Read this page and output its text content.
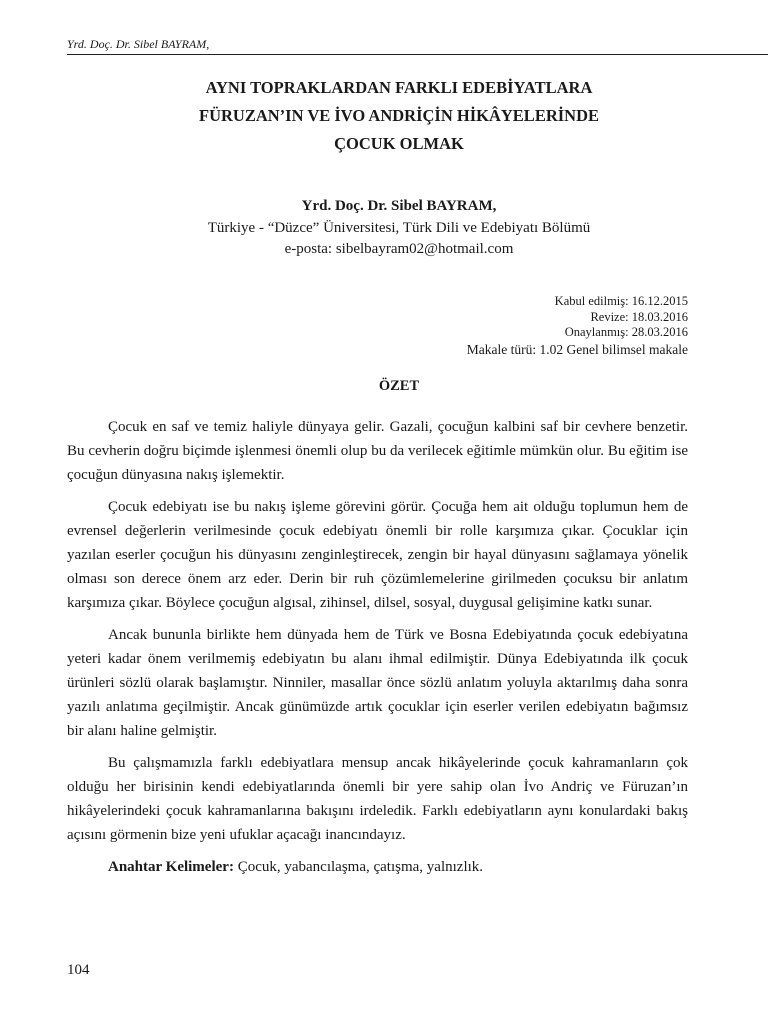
Yrd. Doç. Dr. Sibel BAYRAM,
AYNI TOPRAKLARDAN FARKLI EDEBİYATLARA
FÜRUZAN’IN VE İVO ANDRİÇİN HİKÂYELERİNDE
ÇOCUK OLMAK
Yrd. Doç. Dr. Sibel BAYRAM,
Türkiye - “Düzce” Üniversitesi, Türk Dili ve Edebiyatı Bölümü
e-posta: sibelbayram02@hotmail.com
Kabul edilmiş: 16.12.2015
Revize: 18.03.2016
Onaylanmış: 28.03.2016
Makale türü: 1.02 Genel bilimsel makale
ÖZET

Çocuk en saf ve temiz haliyle dünyaya gelir. Gazali, çocuğun kalbini saf bir cevhere benzetir. Bu cevherin doğru biçimde işlenmesi önemli olup bu da verilecek eğitimle mümkün olur. Bu eğitim ise çocuğun dünyasına nakış işlemektir.

Çocuk edebiyatı ise bu nakış işleme görevini görür. Çocuğa hem ait olduğu toplumun hem de evrensel değerlerin verilmesinde çocuk edebiyatı önemli bir rolle karşımıza çıkar. Çocuklar için yazılan eserler çocuğun his dünyasını zenginleştirecek, zengin bir hayal dünyasını sağlamaya yönelik olması son derece önem arz eder. Derin bir ruh çözümlemelerine girilmeden çocuksu bir anlatım karşımıza çıkar. Böylece çocuğun algısal, zihinsel, dilsel, sosyal, duygusal gelişimine katkı sunar.

Ancak bununla birlikte hem dünyada hem de Türk ve Bosna Edebiyatında çocuk edebiyatına yeteri kadar önem verilmemiş edebiyatın bu alanı ihmal edilmiştir. Dünya Edebiyatında ilk çocuk ürünleri sözlü olarak başlamıştır. Ninniler, masallar önce sözlü anlatım yoluyla aktarılmış daha sonra yazılı anlatıma geçilmiştir. Ancak günümüzde artık çocuklar için eserler verilen edebiyatın bağımsız bir alanı haline gelmiştir.

Bu çalışmamızla farklı edebiyatlara mensup ancak hikâyelerinde çocuk kahramanların çok olduğu her birisinin kendi edebiyatlarında önemli bir yere sahip olan İvo Andriç ve Füruzan’ın hikâyelerindeki çocuk kahramanlarına bakışını irdeledik. Farklı edebiyatların aynı konulardaki bakış açısını görmenin bize yeni ufuklar açacağı inancındayız.

Anahtar Kelimeler: Çocuk, yabancılaşma, çatışma, yalnızlık.

104
